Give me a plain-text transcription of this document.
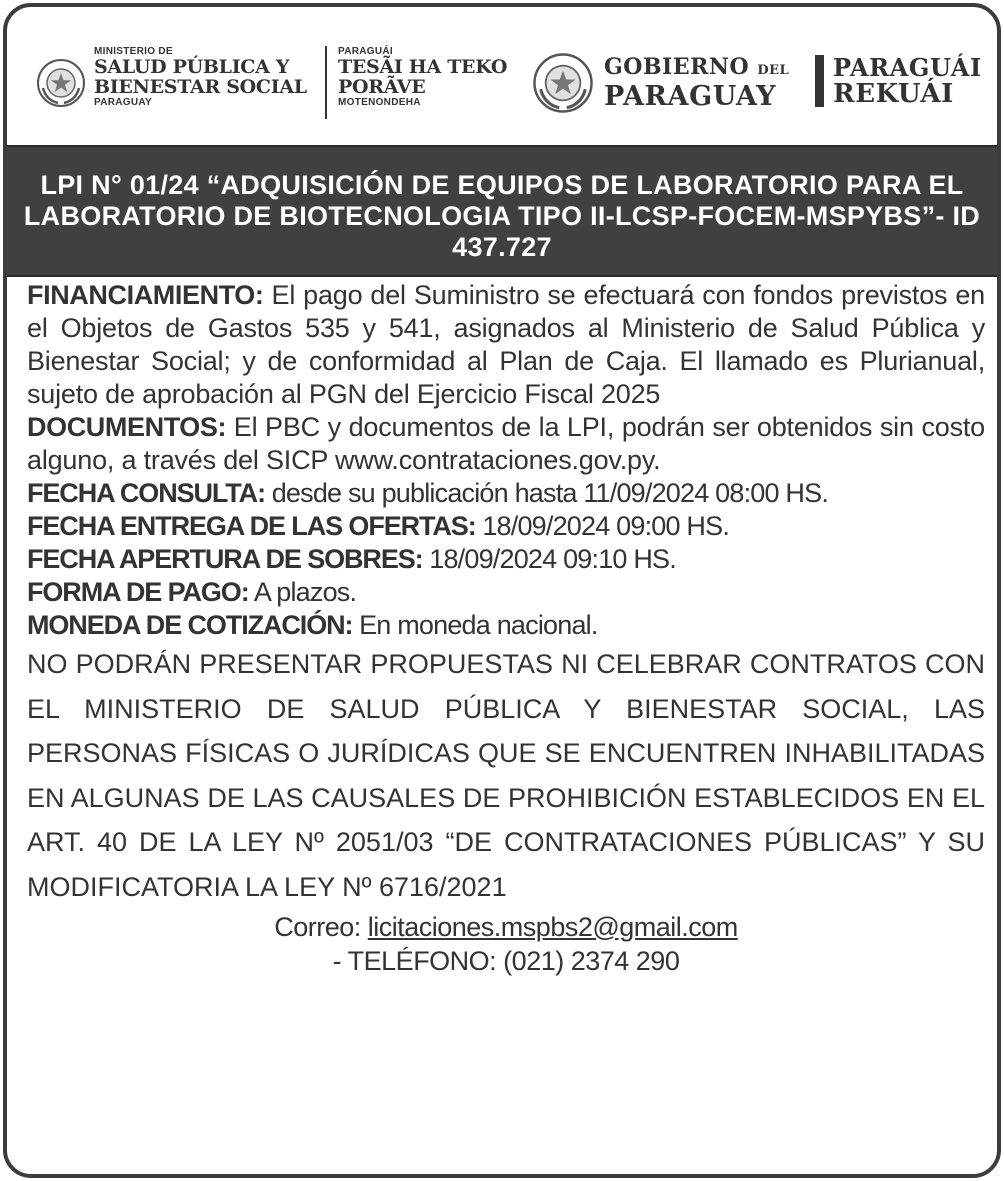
MINISTERIO DE
SALUD PÚBLICA Y
BIENESTAR SOCIAL
PARAGUAY
PARAGUÁI
TESÃI HA TEKO
PORÃVE
MOTENONDEHA
GOBIERNO DEL
PARAGUAY
PARAGUÁI
REKUÁI
LPI N° 01/24 “ADQUISICIÓN DE EQUIPOS DE LABORATORIO PARA EL LABORATORIO DE BIOTECNOLOGIA TIPO II-LCSP-FOCEM-MSPYBS”- ID 437.727

FINANCIAMIENTO: El pago del Suministro se efectuará con fondos previstos en el Objetos de Gastos 535 y 541, asignados al Ministerio de Salud Pública y Bienestar Social; y de conformidad al Plan de Caja. El llamado es Plurianual, sujeto de aprobación al PGN del Ejercicio Fiscal 2025

DOCUMENTOS: El PBC y documentos de la LPI, podrán ser obtenidos sin costo alguno, a través del SICP www.contrataciones.gov.py.

FECHA CONSULTA: desde su publicación hasta 11/09/2024 08:00 HS.

FECHA ENTREGA DE LAS OFERTAS: 18/09/2024 09:00 HS.

FECHA APERTURA DE SOBRES: 18/09/2024 09:10 HS.

FORMA DE PAGO: A plazos.

MONEDA DE COTIZACIÓN: En moneda nacional.

NO PODRÁN PRESENTAR PROPUESTAS NI CELEBRAR CONTRATOS CON EL MINISTERIO DE SALUD PÚBLICA Y BIENESTAR SOCIAL, LAS PERSONAS FÍSICAS O JURÍDICAS QUE SE ENCUENTREN INHABILITADAS EN ALGUNAS DE LAS CAUSALES DE PROHIBICIÓN ESTABLECIDOS EN EL ART. 40 DE LA LEY Nº 2051/03 “DE CONTRATACIONES PÚBLICAS” Y SU MODIFICATORIA LA LEY Nº 6716/2021

Correo: licitaciones.mspbs2@gmail.com

- TELÉFONO: (021) 2374 290
